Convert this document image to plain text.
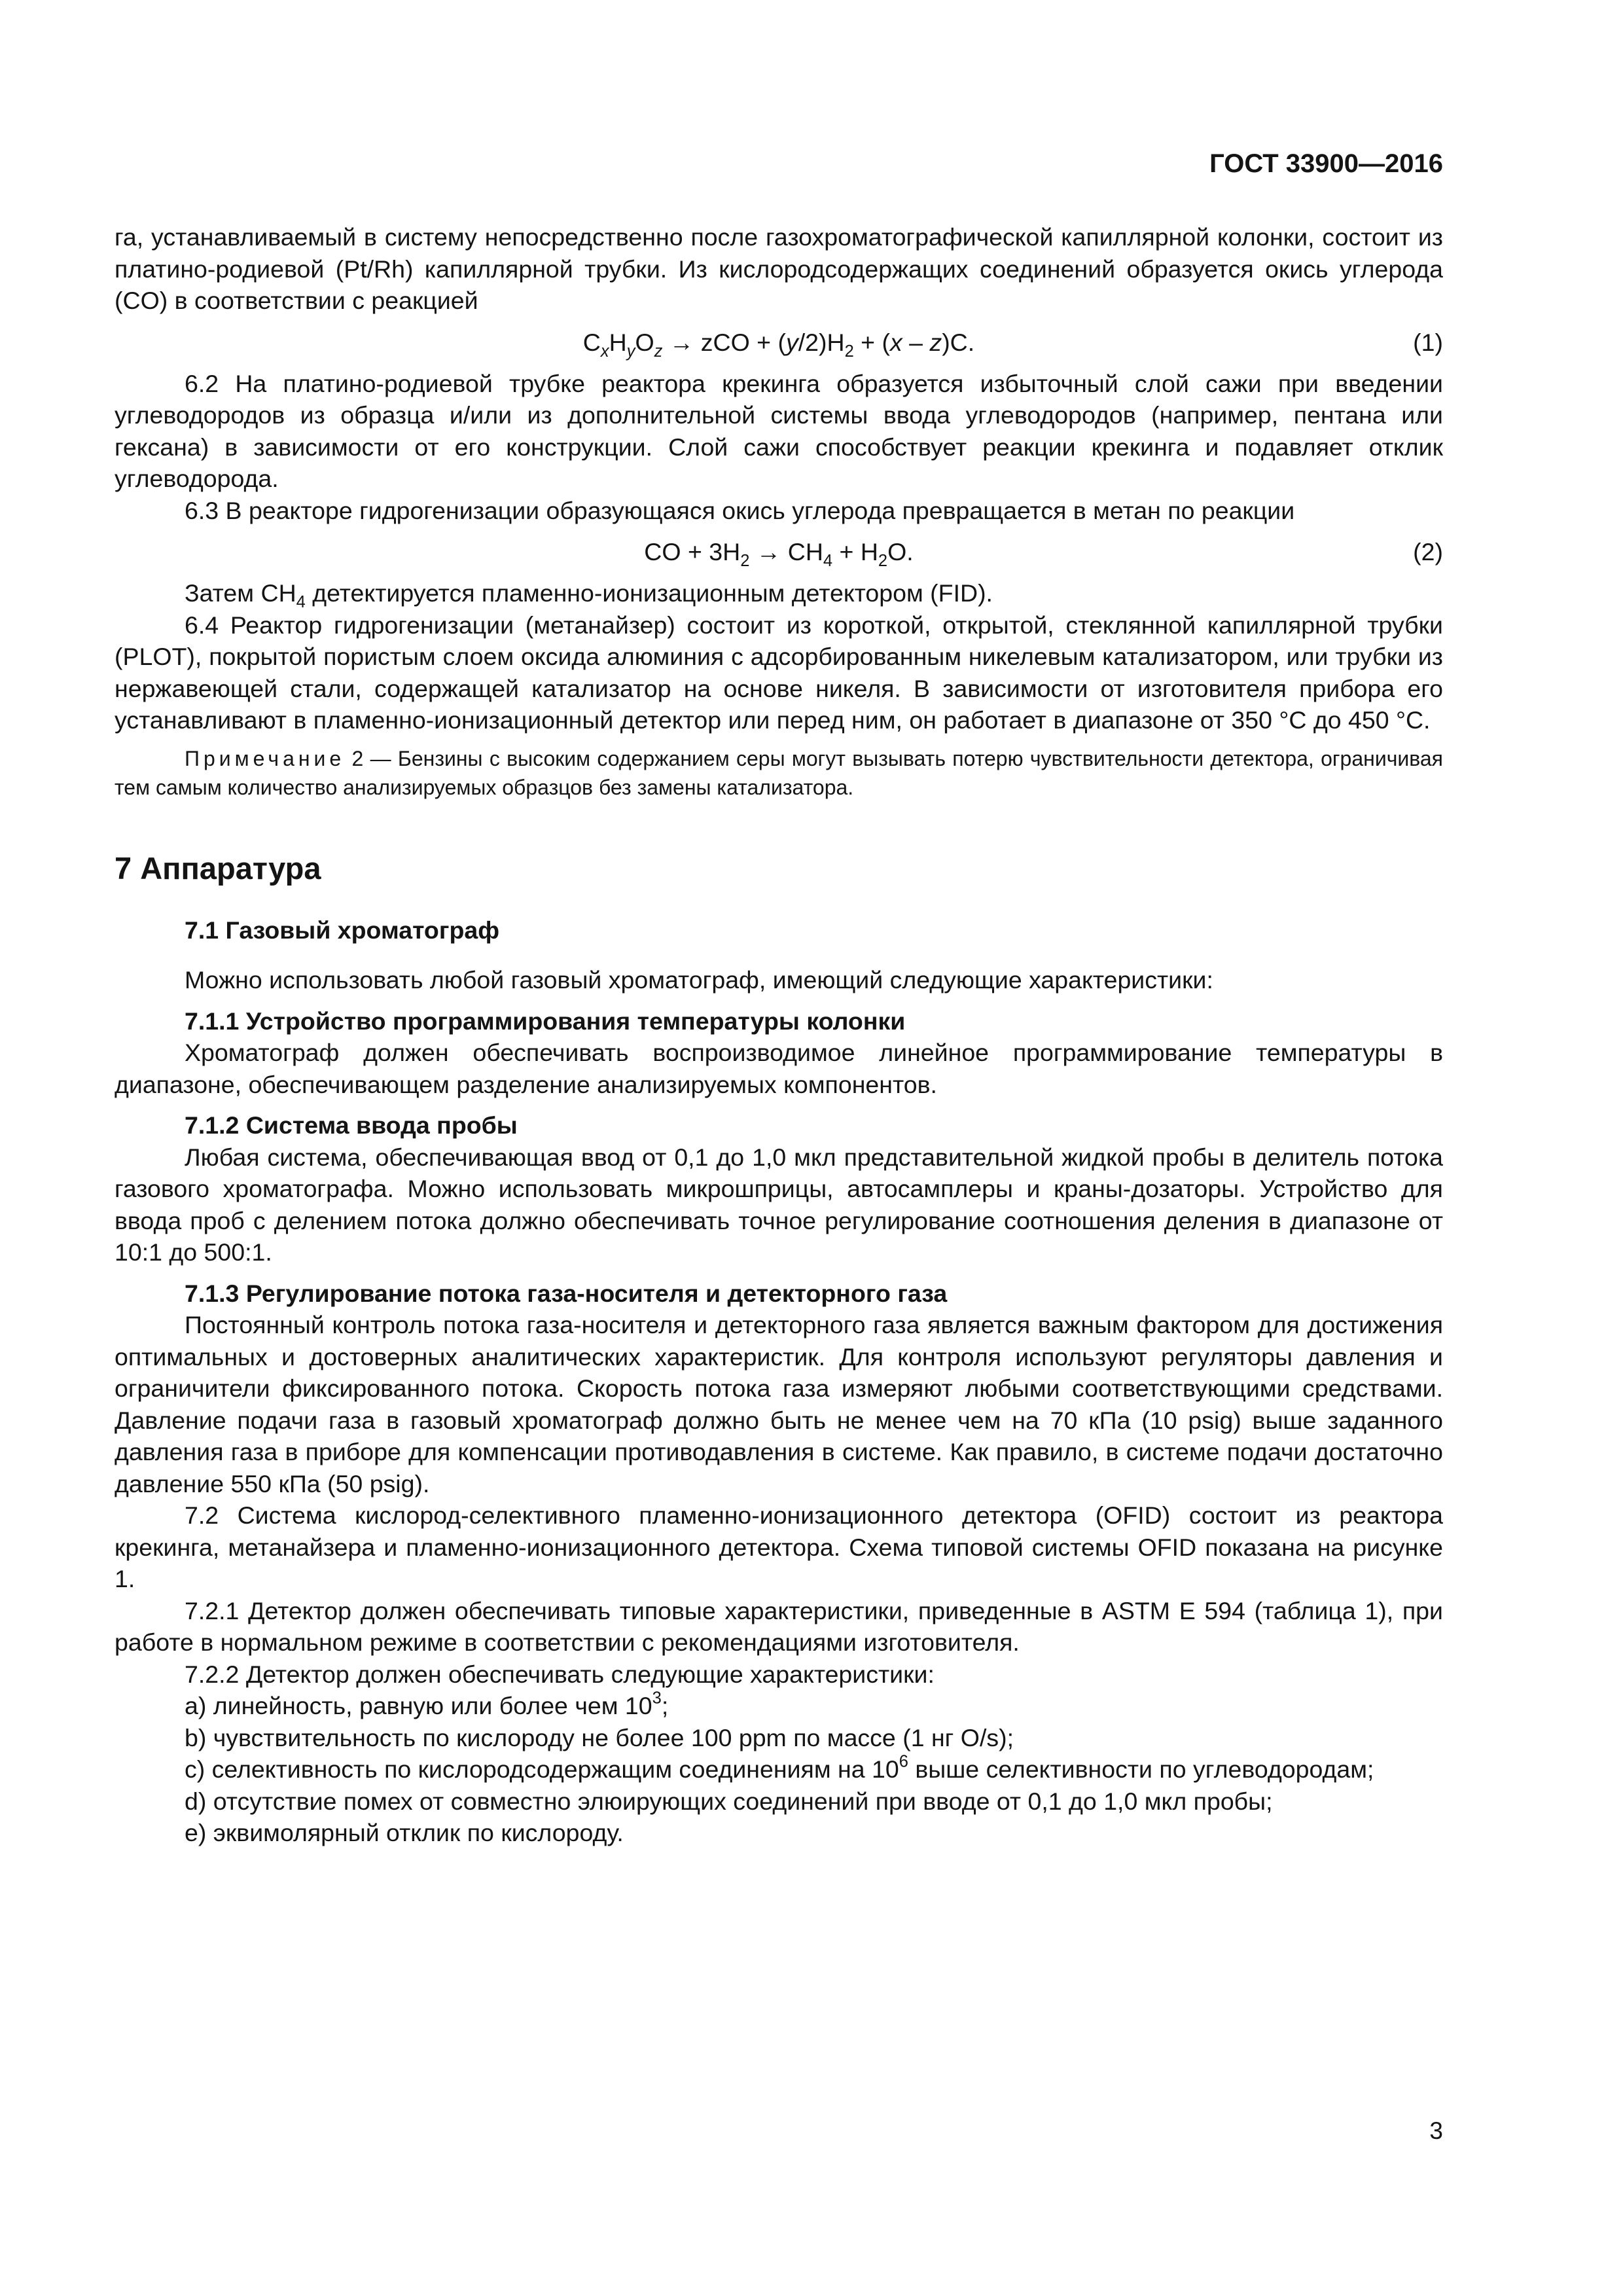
ГОСТ 33900—2016

га, устанавливаемый в систему непосредственно после газохроматографической капиллярной колонки, состоит из платино-родиевой (Pt/Rh) капиллярной трубки. Из кислородсодержащих соединений образуется окись углерода (CO) в соответствии с реакцией

$C_xH_yO_z$ → zCO + $(y/2)H_2 + (x - z)C$.	(1)

6.2 На платино-родиевой трубке реактора крекинга образуется избыточный слой сажи при введении углеводородов из образца и/или из дополнительной системы ввода углеводородов (например, пентана или гексана) в зависимости от его конструкции. Слой сажи способствует реакции крекинга и подавляет отклик углеводорода.

6.3 В реакторе гидрогенизации образующаяся окись углерода превращается в метан по реакции

CO + $3H_2 \to CH_4 + H_2O$.	(2)

Затем $CH_4$ детектируется пламенно-ионизационным детектором (FID).

6.4 Реактор гидрогенизации (метанайзер) состоит из короткой, открытой, стеклянной капиллярной трубки (PLOT), покрытой пористым слоем оксида алюминия с адсорбированным никелевым катализатором, или трубки из нержавеющей стали, содержащей катализатор на основе никеля. В зависимости от изготовителя прибора его устанавливают в пламенно-ионизационный детектор или перед ним, он работает в диапазоне от 350 °C до 450 °C.

Примечание 2 — Бензины с высоким содержанием серы могут вызывать потерю чувствительности детектора, ограничивая тем самым количество анализируемых образцов без замены катализатора.

7 Аппаратура
7.1 Газовый хроматограф

Можно использовать любой газовый хроматограф, имеющий следующие характеристики:

7.1.1 Устройство программирования температуры колонки

Хроматограф должен обеспечивать воспроизводимое линейное программирование температуры в диапазоне, обеспечивающем разделение анализируемых компонентов.

7.1.2 Система ввода пробы

Любая система, обеспечивающая ввод от 0,1 до 1,0 мкл представительной жидкой пробы в делитель потока газового хроматографа. Можно использовать микрошприцы, автосамплеры и краны-дозаторы. Устройство для ввода проб с делением потока должно обеспечивать точное регулирование соотношения деления в диапазоне от 10:1 до 500:1.

7.1.3 Регулирование потока газа-носителя и детекторного газа

Постоянный контроль потока газа-носителя и детекторного газа является важным фактором для достижения оптимальных и достоверных аналитических характеристик. Для контроля используют регуляторы давления и ограничители фиксированного потока. Скорость потока газа измеряют любыми соответствующими средствами. Давление подачи газа в газовый хроматограф должно быть не менее чем на 70 кПа (10 psig) выше заданного давления газа в приборе для компенсации противодавления в системе. Как правило, в системе подачи достаточно давление 550 кПа (50 psig).

7.2 Система кислород-селективного пламенно-ионизационного детектора (OFID) состоит из реактора крекинга, метанайзера и пламенно-ионизационного детектора. Схема типовой системы OFID показана на рисунке 1.

7.2.1 Детектор должен обеспечивать типовые характеристики, приведенные в ASTM E 594 (таблица 1), при работе в нормальном режиме в соответствии с рекомендациями изготовителя.

7.2.2 Детектор должен обеспечивать следующие характеристики:

a) линейность, равную или более чем $10^3$;

b) чувствительность по кислороду не более 100 ppm по массе (1 нг O/s);

c) селективность по кислородсодержащим соединениям на $10^6$ выше селективности по углеводородам;

d) отсутствие помех от совместно элюирующих соединений при вводе от 0,1 до 1,0 мкл пробы;

e) эквимолярный отклик по кислороду.

3
